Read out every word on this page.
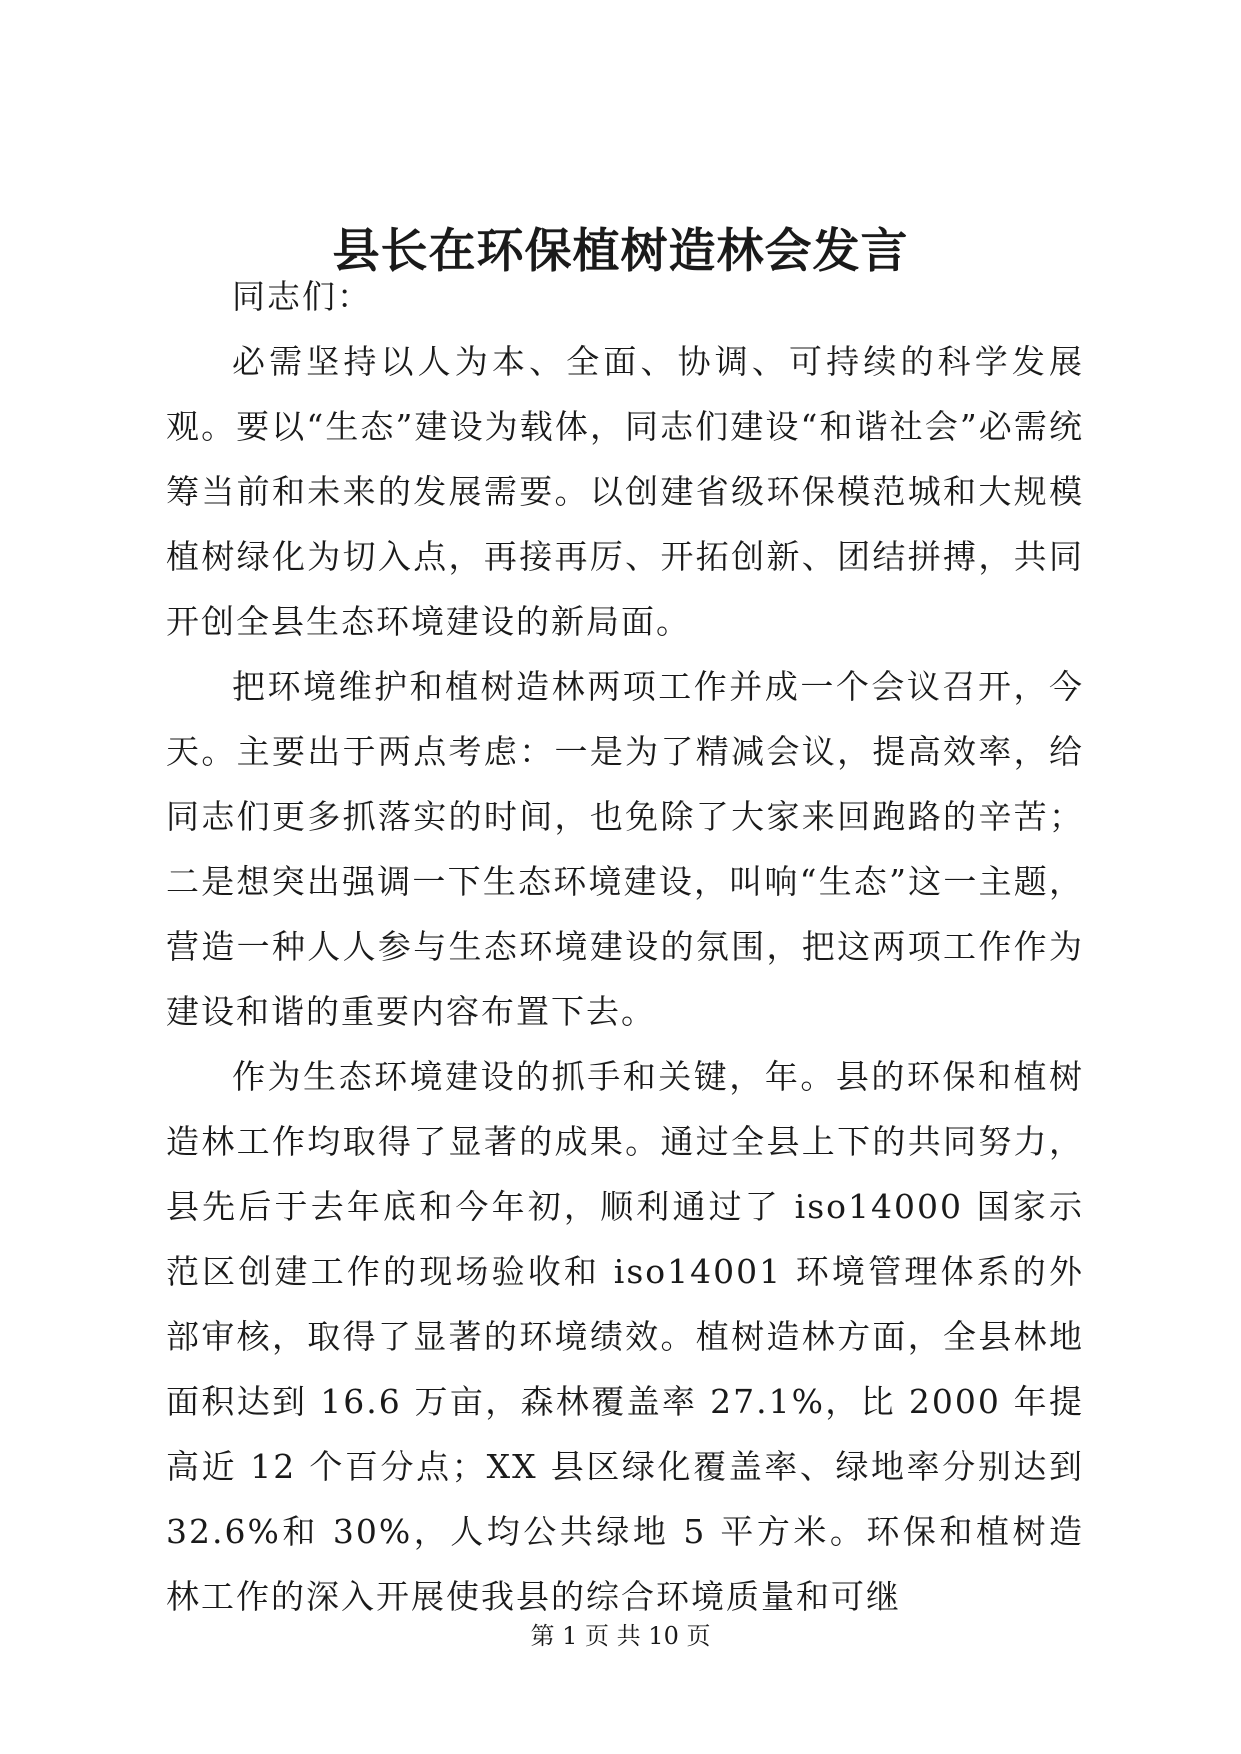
县长在环保植树造林会发言

同志们：

必需坚持以人为本、全面、协调、可持续的科学发展观。要以“生态”建设为载体，同志们建设“和谐社会”必需统筹当前和未来的发展需要。以创建省级环保模范城和大规模植树绿化为切入点，再接再厉、开拓创新、团结拼搏，共同开创全县生态环境建设的新局面。

把环境维护和植树造林两项工作并成一个会议召开，今天。主要出于两点考虑：一是为了精减会议，提高效率，给同志们更多抓落实的时间，也免除了大家来回跑路的辛苦；二是想突出强调一下生态环境建设，叫响“生态”这一主题，营造一种人人参与生态环境建设的氛围，把这两项工作作为建设和谐的重要内容布置下去。

作为生态环境建设的抓手和关键，年。县的环保和植树造林工作均取得了显著的成果。通过全县上下的共同努力，县先后于去年底和今年初，顺利通过了 iso14000 国家示范区创建工作的现场验收和 iso14001 环境管理体系的外部审核，取得了显著的环境绩效。植树造林方面，全县林地面积达到 16.6 万亩，森林覆盖率 27.1%，比 2000 年提高近 12 个百分点；XX 县区绿化覆盖率、绿地率分别达到 32.6%和 30%，人均公共绿地 5 平方米。环保和植树造林工作的深入开展使我县的综合环境质量和可继

第 1 页 共 10 页
